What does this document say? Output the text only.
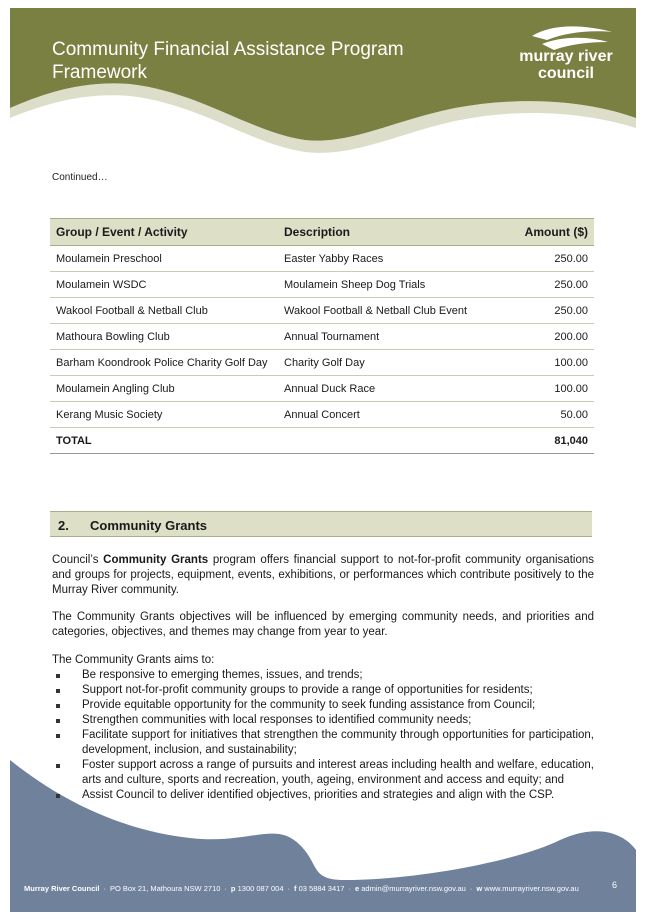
Community Financial Assistance Program Framework
murray river
council
Continued…
Group / Event / Activity	Description	Amount ($)
Moulamein Preschool	Easter Yabby Races	250.00
Moulamein WSDC	Moulamein Sheep Dog Trials	250.00
Wakool Football & Netball Club	Wakool Football & Netball Club Event	250.00
Mathoura Bowling Club	Annual Tournament	200.00
Barham Koondrook Police Charity Golf Day	Charity Golf Day	100.00
Moulamein Angling Club	Annual Duck Race	100.00
Kerang Music Society	Annual Concert	50.00
TOTAL		81,040
2. Community Grants

Council’s Community Grants program offers financial support to not-for-profit community organisations and groups for projects, equipment, events, exhibitions, or performances which contribute positively to the Murray River community.

The Community Grants objectives will be influenced by emerging community needs, and priorities and categories, objectives, and themes may change from year to year.

The Community Grants aims to:

Be responsive to emerging themes, issues, and trends;
Support not-for-profit community groups to provide a range of opportunities for residents;
Provide equitable opportunity for the community to seek funding assistance from Council;
Strengthen communities with local responses to identified community needs;
Facilitate support for initiatives that strengthen the community through opportunities for participation, development, inclusion, and sustainability;
Foster support across a range of pursuits and interest areas including health and welfare, education, arts and culture, sports and recreation, youth, ageing, environment and access and equity; and
Assist Council to deliver identified objectives, priorities and strategies and align with the CSP.
Murray River Council · PO Box 21, Mathoura NSW 2710 · p 1300 087 004 · f 03 5884 3417 · e admin@murrayriver.nsw.gov.au · w www.murrayriver.nsw.gov.au	6
